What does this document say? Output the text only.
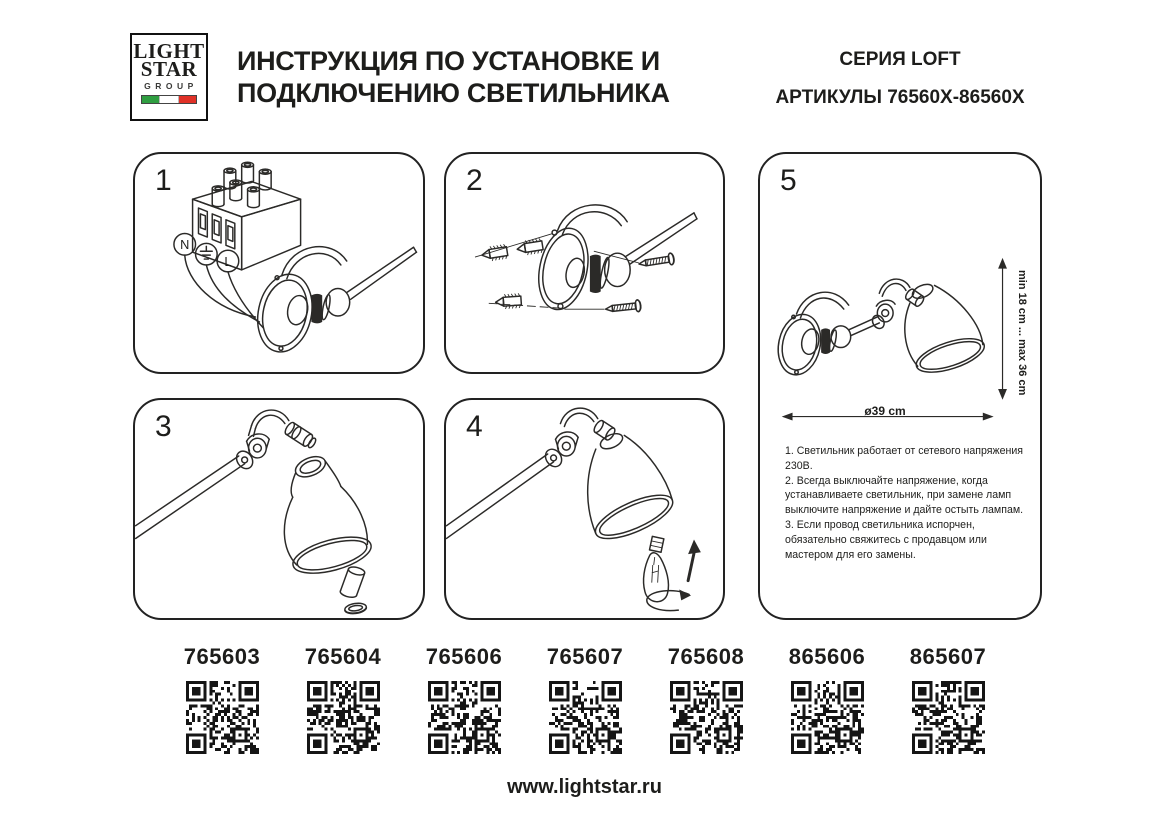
LIGHT
STAR
GROUP
ИНСТРУКЦИЯ ПО УСТАНОВКЕ И
ПОДКЛЮЧЕНИЮ СВЕТИЛЬНИКА
СЕРИЯ LOFT
АРТИКУЛЫ 76560X-86560X
1
N
L
2
3	4
5
min 18 cm ... max 36 cm
ø39 cm
1. Светильник работает от сетевого напряжения 230В.
2. Всегда выключайте напряжение, когда устанавливаете светильник, при замене ламп выключите напряжение и дайте остыть лампам.
3. Если провод светильника испорчен, обязательно свяжитесь с продавцом или мастером для его замены.
765603	765604	765606	765607	765608	865606	865607
www.lightstar.ru
